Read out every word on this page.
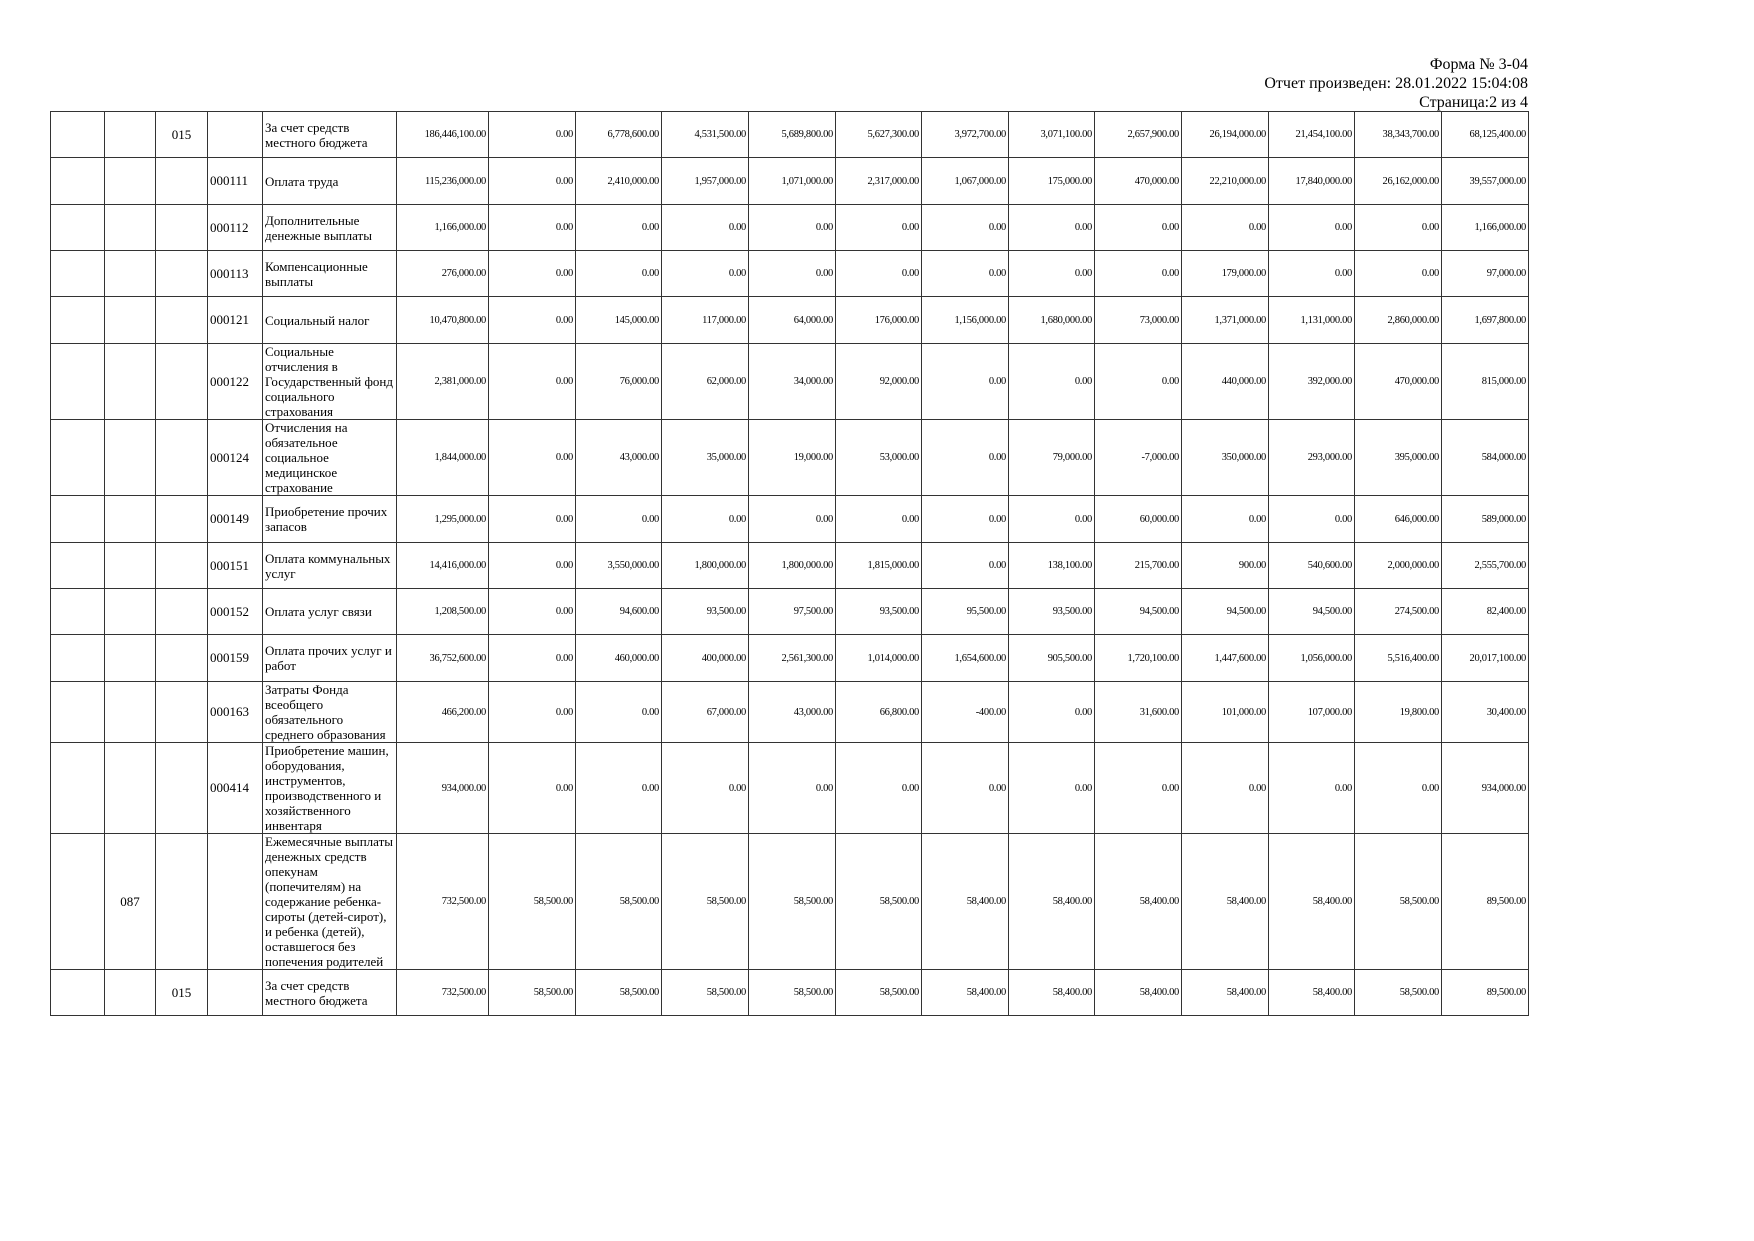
Форма № 3-04
Отчет произведен: 28.01.2022 15:04:08
Страница:2 из 4
		015		За счет средств местного бюджета	186,446,100.00	0.00	6,778,600.00	4,531,500.00	5,689,800.00	5,627,300.00	3,972,700.00	3,071,100.00	2,657,900.00	26,194,000.00	21,454,100.00	38,343,700.00	68,125,400.00
			000111	Оплата труда	115,236,000.00	0.00	2,410,000.00	1,957,000.00	1,071,000.00	2,317,000.00	1,067,000.00	175,000.00	470,000.00	22,210,000.00	17,840,000.00	26,162,000.00	39,557,000.00
			000112	Дополнительные денежные выплаты	1,166,000.00	0.00	0.00	0.00	0.00	0.00	0.00	0.00	0.00	0.00	0.00	0.00	1,166,000.00
			000113	Компенсационные выплаты	276,000.00	0.00	0.00	0.00	0.00	0.00	0.00	0.00	0.00	179,000.00	0.00	0.00	97,000.00
			000121	Социальный налог	10,470,800.00	0.00	145,000.00	117,000.00	64,000.00	176,000.00	1,156,000.00	1,680,000.00	73,000.00	1,371,000.00	1,131,000.00	2,860,000.00	1,697,800.00
			000122	Социальные отчисления в Государственный фонд социального страхования	2,381,000.00	0.00	76,000.00	62,000.00	34,000.00	92,000.00	0.00	0.00	0.00	440,000.00	392,000.00	470,000.00	815,000.00
			000124	Отчисления на обязательное социальное медицинское страхование	1,844,000.00	0.00	43,000.00	35,000.00	19,000.00	53,000.00	0.00	79,000.00	-7,000.00	350,000.00	293,000.00	395,000.00	584,000.00
			000149	Приобретение прочих запасов	1,295,000.00	0.00	0.00	0.00	0.00	0.00	0.00	0.00	60,000.00	0.00	0.00	646,000.00	589,000.00
			000151	Оплата коммунальных услуг	14,416,000.00	0.00	3,550,000.00	1,800,000.00	1,800,000.00	1,815,000.00	0.00	138,100.00	215,700.00	900.00	540,600.00	2,000,000.00	2,555,700.00
			000152	Оплата услуг связи	1,208,500.00	0.00	94,600.00	93,500.00	97,500.00	93,500.00	95,500.00	93,500.00	94,500.00	94,500.00	94,500.00	274,500.00	82,400.00
			000159	Оплата прочих услуг и работ	36,752,600.00	0.00	460,000.00	400,000.00	2,561,300.00	1,014,000.00	1,654,600.00	905,500.00	1,720,100.00	1,447,600.00	1,056,000.00	5,516,400.00	20,017,100.00
			000163	Затраты Фонда всеобщего обязательного среднего образования	466,200.00	0.00	0.00	67,000.00	43,000.00	66,800.00	-400.00	0.00	31,600.00	101,000.00	107,000.00	19,800.00	30,400.00
			000414	Приобретение машин, оборудования, инструментов, производственного и хозяйственного инвентаря	934,000.00	0.00	0.00	0.00	0.00	0.00	0.00	0.00	0.00	0.00	0.00	0.00	934,000.00
	087			Ежемесячные выплаты денежных средств опекунам (попечителям) на содержание ребенка-сироты (детей-сирот), и ребенка (детей), оставшегося без попечения родителей	732,500.00	58,500.00	58,500.00	58,500.00	58,500.00	58,500.00	58,400.00	58,400.00	58,400.00	58,400.00	58,400.00	58,500.00	89,500.00
		015		За счет средств местного бюджета	732,500.00	58,500.00	58,500.00	58,500.00	58,500.00	58,500.00	58,400.00	58,400.00	58,400.00	58,400.00	58,400.00	58,500.00	89,500.00
